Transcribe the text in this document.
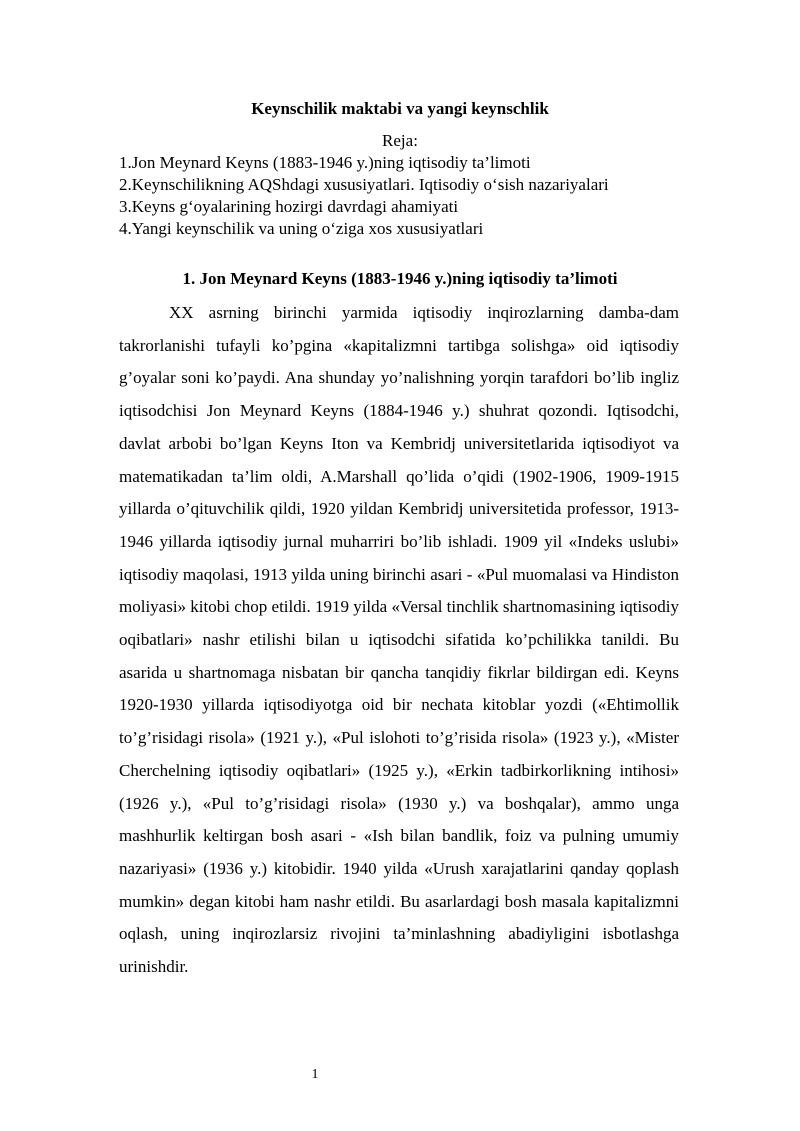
Keynschilik maktabi va yangi keynschlik

Reja:

1.Jon Meynard Keyns (1883-1946 y.)ning iqtisodiy ta’limoti
2.Keynschilikning AQShdagi xususiyatlari. Iqtisodiy o‘sish nazariyalari
3.Keyns g‘oyalarining hozirgi davrdagi ahamiyati
4.Yangi keynschilik va uning o‘ziga xos xususiyatlari
1. Jon Meynard Keyns (1883-1946 y.)ning iqtisodiy ta’limoti

XX asrning birinchi yarmida iqtisodiy inqirozlarning damba-dam takrorlanishi tufayli ko’pgina «kapitalizmni tartibga solishga» oid iqtisodiy g’oyalar soni ko’paydi. Ana shunday yo’nalishning yorqin tarafdori bo’lib ingliz iqtisodchisi Jon Meynard Keyns (1884-1946 y.) shuhrat qozondi. Iqtisodchi, davlat arbobi bo’lgan Keyns Iton va Kembridj universitetlarida iqtisodiyot va matematikadan ta’lim oldi, A.Marshall qo’lida o’qidi (1902-1906, 1909-1915 yillarda o’qituvchilik qildi, 1920 yildan Kembridj universitetida professor, 1913-1946 yillarda iqtisodiy jurnal muharriri bo’lib ishladi. 1909 yil «Indeks uslubi» iqtisodiy maqolasi, 1913 yilda uning birinchi asari - «Pul muomalasi va Hindiston moliyasi» kitobi chop etildi. 1919 yilda «Versal tinchlik shartnomasining iqtisodiy oqibatlari» nashr etilishi bilan u iqtisodchi sifatida ko’pchilikka tanildi. Bu asarida u shartnomaga nisbatan bir qancha tanqidiy fikrlar bildirgan edi. Keyns 1920-1930 yillarda iqtisodiyotga oid bir nechata kitoblar yozdi («Ehtimollik to’g’risidagi risola» (1921 y.), «Pul islohoti to’g’risida risola» (1923 y.), «Mister Cherchelning iqtisodiy oqibatlari» (1925 y.), «Erkin tadbirkorlikning intihosi» (1926 y.), «Pul to’g’risidagi risola» (1930 y.) va boshqalar), ammo unga mashhurlik keltirgan bosh asari - «Ish bilan bandlik, foiz va pulning umumiy nazariyasi» (1936 y.) kitobidir. 1940 yilda «Urush xarajatlarini qanday qoplash mumkin» degan kitobi ham nashr etildi. Bu asarlardagi bosh masala kapitalizmni oqlash, uning inqirozlarsiz rivojini ta’minlashning abadiyligini isbotlashga urinishdir.

1
